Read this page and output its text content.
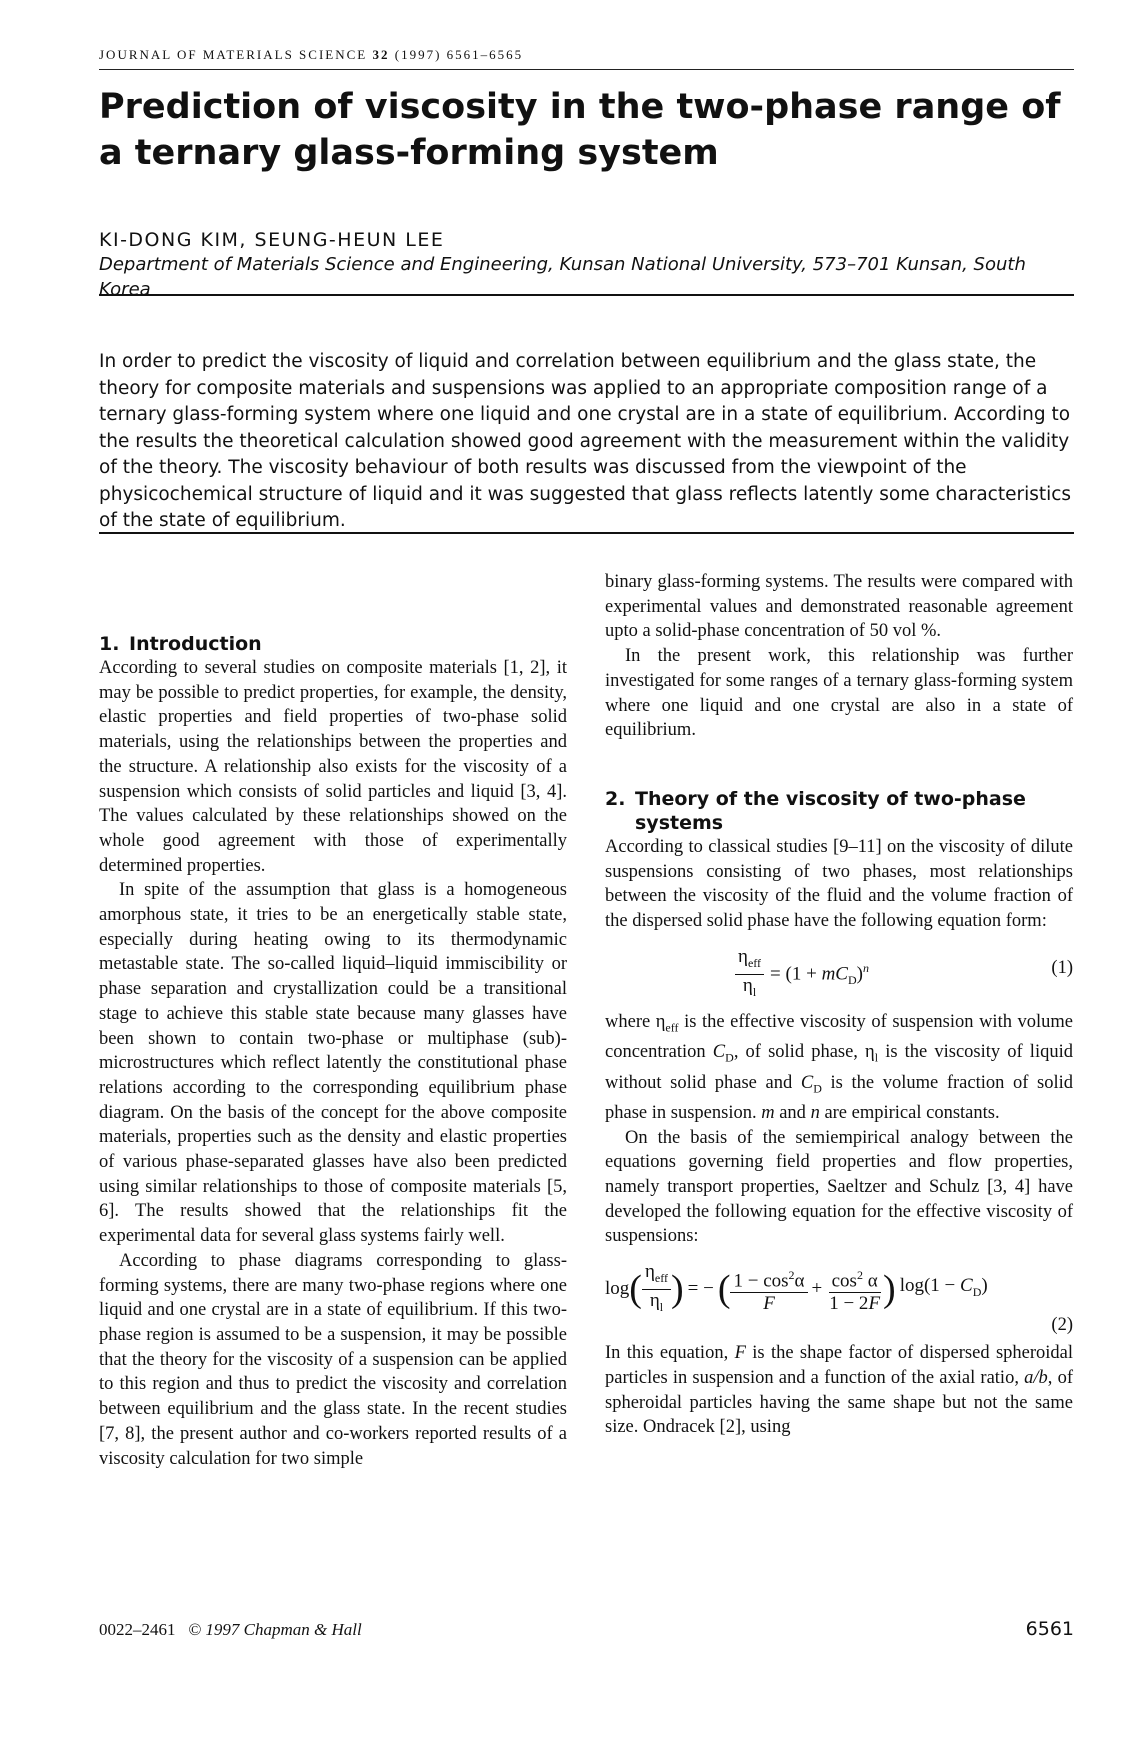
JOURNAL OF MATERIALS SCIENCE 32 (1997) 6561–6565
Prediction of viscosity in the two-phase range of a ternary glass-forming system
KI-DONG KIM, SEUNG-HEUN LEE
Department of Materials Science and Engineering, Kunsan National University, 573–701 Kunsan, South Korea
In order to predict the viscosity of liquid and correlation between equilibrium and the glass state, the theory for composite materials and suspensions was applied to an appropriate composition range of a ternary glass-forming system where one liquid and one crystal are in a state of equilibrium. According to the results the theoretical calculation showed good agreement with the measurement within the validity of the theory. The viscosity behaviour of both results was discussed from the viewpoint of the physicochemical structure of liquid and it was suggested that glass reflects latently some characteristics of the state of equilibrium.
1. Introduction

According to several studies on composite materials [1, 2], it may be possible to predict properties, for example, the density, elastic properties and field properties of two-phase solid materials, using the relationships between the properties and the structure. A relationship also exists for the viscosity of a suspension which consists of solid particles and liquid [3, 4]. The values calculated by these relationships showed on the whole good agreement with those of experimentally determined properties.

In spite of the assumption that glass is a homogeneous amorphous state, it tries to be an energetically stable state, especially during heating owing to its thermodynamic metastable state. The so-called liquid–liquid immiscibility or phase separation and crystallization could be a transitional stage to achieve this stable state because many glasses have been shown to contain two-phase or multiphase (sub)-microstructures which reflect latently the constitutional phase relations according to the corresponding equilibrium phase diagram. On the basis of the concept for the above composite materials, properties such as the density and elastic properties of various phase-separated glasses have also been predicted using similar relationships to those of composite materials [5, 6]. The results showed that the relationships fit the experimental data for several glass systems fairly well.

According to phase diagrams corresponding to glass-forming systems, there are many two-phase regions where one liquid and one crystal are in a state of equilibrium. If this two-phase region is assumed to be a suspension, it may be possible that the theory for the viscosity of a suspension can be applied to this region and thus to predict the viscosity and correlation between equilibrium and the glass state. In the recent studies [7, 8], the present author and co-workers reported results of a viscosity calculation for two simple

binary glass-forming systems. The results were compared with experimental values and demonstrated reasonable agreement upto a solid-phase concentration of 50 vol %.

In the present work, this relationship was further investigated for some ranges of a ternary glass-forming system where one liquid and one crystal are also in a state of equilibrium.

2. Theory of the viscosity of two-phase
systems

According to classical studies [9–11] on the viscosity of dilute suspensions consisting of two phases, most relationships between the viscosity of the fluid and the volume fraction of the dispersed solid phase have the following equation form:

$\frac{\eta_{eff}}{\eta_l} = (1 + mC_D)^n$	(1)

where $\eta_{eff}$ is the effective viscosity of suspension with volume concentration $C_D$, of solid phase, $\eta_l$ is the viscosity of liquid without solid phase and $C_D$ is the volume fraction of solid phase in suspension. m and n are empirical constants.

On the basis of the semiempirical analogy between the equations governing field properties and flow properties, namely transport properties, Saeltzer and Schulz [3, 4] have developed the following equation for the effective viscosity of suspensions:

log ( $\frac{\eta_{eff}}{\eta_l}$ ) = − ( $\frac{1 - \cos^2\alpha}{F} + \frac{\cos^2 \alpha}{1 - 2F}$ ) $\log(1 - C_D)$
(2)

In this equation, F is the shape factor of dispersed spheroidal particles in suspension and a function of the axial ratio, a/b, of spheroidal particles having the same shape but not the same size. Ondracek [2], using

0022–2461 © 1997 Chapman & Hall	6561
